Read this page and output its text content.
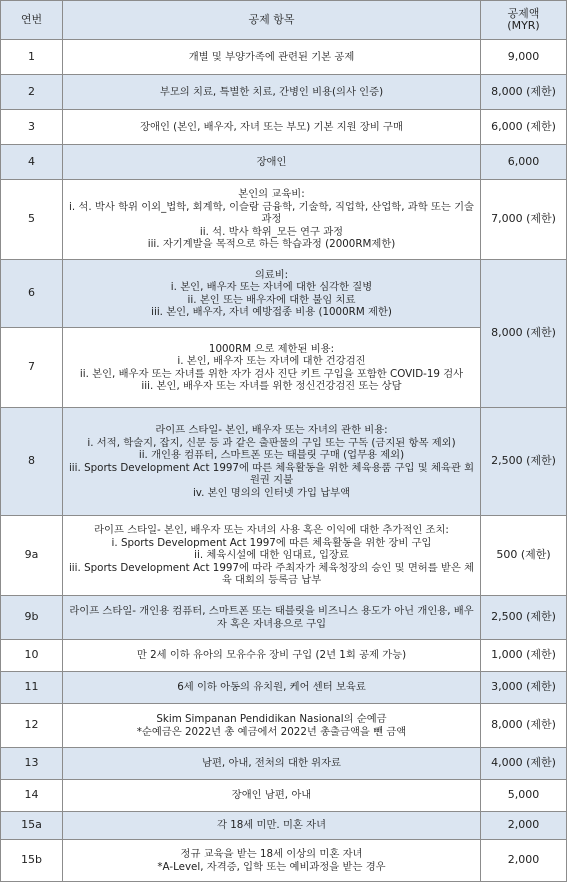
연번	공제 항목	공제액
(MYR)

1	개별 및 부양가족에 관련된 기본 공제	9,000
2	부모의 치료, 특별한 치료, 간병인 비용(의사 인증)	8,000 (제한)
3	장애인 (본인, 배우자, 자녀 또는 부모) 기본 지원 장비 구매	6,000 (제한)
4	장애인	6,000
5	본인의 교육비:
i. 석. 박사 학위 이외_법학, 회계학, 이슬람 금융학, 기술학, 직업학, 산업학, 과학 또는 기술 과정
ii. 석. 박사 학위_모든 연구 과정
iii. 자기계발을 목적으로 하는 학습과정 (2000RM제한)	7,000 (제한)
6	의료비:
i. 본인, 배우자 또는 자녀에 대한 심각한 질병
ii. 본인 또는 배우자에 대한 불임 치료
iii. 본인, 배우자, 자녀 예방접종 비용 (1000RM 제한)	8,000 (제한)
7	1000RM 으로 제한된 비용:
i. 본인, 배우자 또는 자녀에 대한 건강검진
ii. 본인, 배우자 또는 자녀를 위한 자가 검사 진단 키트 구입을 포함한 COVID-19 검사
iii. 본인, 배우자 또는 자녀를 위한 정신건강검진 또는 상담	

8	라이프 스타일- 본인, 배우자 또는 자녀의 관한 비용:
i. 서적, 학술지, 잡지, 신문 등 과 같은 출판물의 구입 또는 구독 (금지된 항목 제외)
ii. 개인용 컴퓨터, 스마트폰 또는 태블릿 구매 (업무용 제외)
iii. Sports Development Act 1997에 따른 체육활동을 위한 체육용품 구입 및 체육관 회원권 지불
iv. 본인 명의의 인터넷 가입 납부액	2,500 (제한)
9a	라이프 스타일- 본인, 배우자 또는 자녀의 사용 혹은 이익에 대한 추가적인 조치:
i. Sports Development Act 1997에 따른 체육활동을 위한 장비 구입
ii. 체육시설에 대한 임대료, 입장료
iii. Sports Development Act 1997에 따라 주최자가 체육청장의 승인 및 면허를 받은 체육 대회의 등록금 납부	500 (제한)
9b	라이프 스타일- 개인용 컴퓨터, 스마트폰 또는 태블릿을 비즈니스 용도가 아닌 개인용, 배우자 혹은 자녀용으로 구입	2,500 (제한)
10	만 2세 이하 유아의 모유수유 장비 구입 (2년 1회 공제 가능)	1,000 (제한)
11	6세 이하 아동의 유치원, 케어 센터 보육료	3,000 (제한)
12	Skim Simpanan Pendidikan Nasional의 순예금
*순예금은 2022년 총 예금에서 2022년 총출금액을 뺀 금액	8,000 (제한)
13	남편, 아내, 전처의 대한 위자료	4,000 (제한)
14	장애인 남편, 아내	5,000
15a	각 18세 미만. 미혼 자녀	2,000
15b	정규 교육을 받는 18세 이상의 미혼 자녀
*A-Level, 자격증, 입학 또는 예비과정을 받는 경우	2,000
